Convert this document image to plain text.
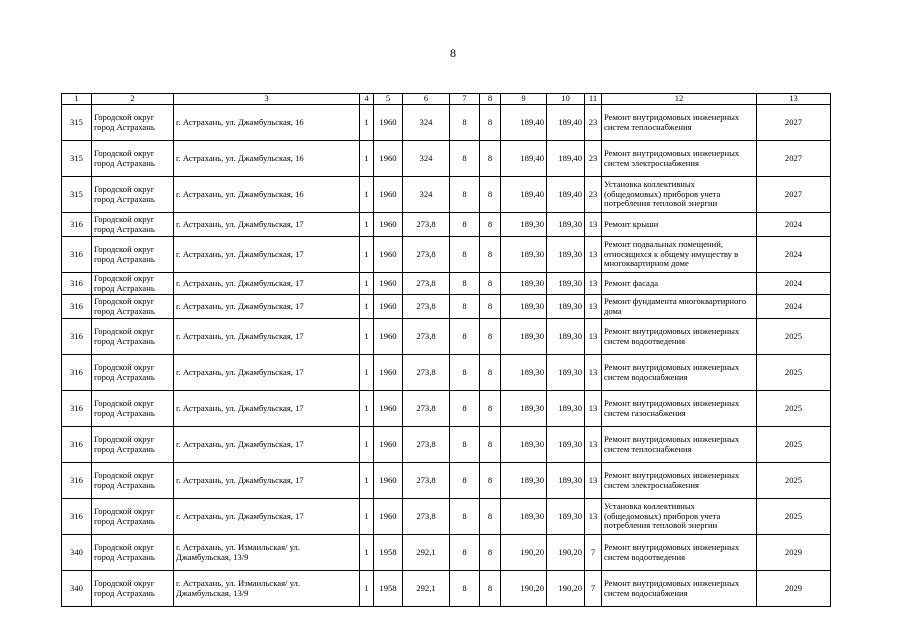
8
1	2	3	4	5	6	7	8	9	10	11	12	13
315	Городской округ город Астрахань	г. Астрахань, ул. Джамбульская, 16	1	1960	324	8	8	189,40	189,40	23	Ремонт внутридомовых инженерных систем теплоснабжения	2027
315	Городской округ город Астрахань	г. Астрахань, ул. Джамбульская, 16	1	1960	324	8	8	189,40	189,40	23	Ремонт внутридомовых инженерных систем электроснабжения	2027
315	Городской округ город Астрахань	г. Астрахань, ул. Джамбульская, 16	1	1960	324	8	8	189,40	189,40	23	Установка коллективных (общедомовых) приборов учета потребления тепловой энергии	2027
316	Городской округ город Астрахань	г. Астрахань, ул. Джамбульская, 17	1	1960	273,8	8	8	189,30	189,30	13	Ремонт крыши	2024
316	Городской округ город Астрахань	г. Астрахань, ул. Джамбульская, 17	1	1960	273,8	8	8	189,30	189,30	13	Ремонт подвальных помещений, относящихся к общему имуществу в многоквартирном доме	2024
316	Городской округ город Астрахань	г. Астрахань, ул. Джамбульская, 17	1	1960	273,8	8	8	189,30	189,30	13	Ремонт фасада	2024
316	Городской округ город Астрахань	г. Астрахань, ул. Джамбульская, 17	1	1960	273,8	8	8	189,30	189,30	13	Ремонт фундамента многоквартирного дома	2024
316	Городской округ город Астрахань	г. Астрахань, ул. Джамбульская, 17	1	1960	273,8	8	8	189,30	189,30	13	Ремонт внутридомовых инженерных систем водоотведения	2025
316	Городской округ город Астрахань	г. Астрахань, ул. Джамбульская, 17	1	1960	273,8	8	8	189,30	189,30	13	Ремонт внутридомовых инженерных систем водоснабжения	2025
316	Городской округ город Астрахань	г. Астрахань, ул. Джамбульская, 17	1	1960	273,8	8	8	189,30	189,30	13	Ремонт внутридомовых инженерных систем газоснабжения	2025
316	Городской округ город Астрахань	г. Астрахань, ул. Джамбульская, 17	1	1960	273,8	8	8	189,30	189,30	13	Ремонт внутридомовых инженерных систем теплоснабжения	2025
316	Городской округ город Астрахань	г. Астрахань, ул. Джамбульская, 17	1	1960	273,8	8	8	189,30	189,30	13	Ремонт внутридомовых инженерных систем электроснабжения	2025
316	Городской округ город Астрахань	г. Астрахань, ул. Джамбульская, 17	1	1960	273,8	8	8	189,30	189,30	13	Установка коллективных (общедомовых) приборов учета потребления тепловой энергии	2025
340	Городской округ город Астрахань	г. Астрахань, ул. Измаильская/ ул. Джамбульская, 13/9	1	1958	292,1	8	8	190,20	190,20	7	Ремонт внутридомовых инженерных систем водоотведения	2029
340	Городской округ город Астрахань	г. Астрахань, ул. Измаильская/ ул. Джамбульская, 13/9	1	1958	292,1	8	8	190,20	190,20	7	Ремонт внутридомовых инженерных систем водоснабжения	2029
